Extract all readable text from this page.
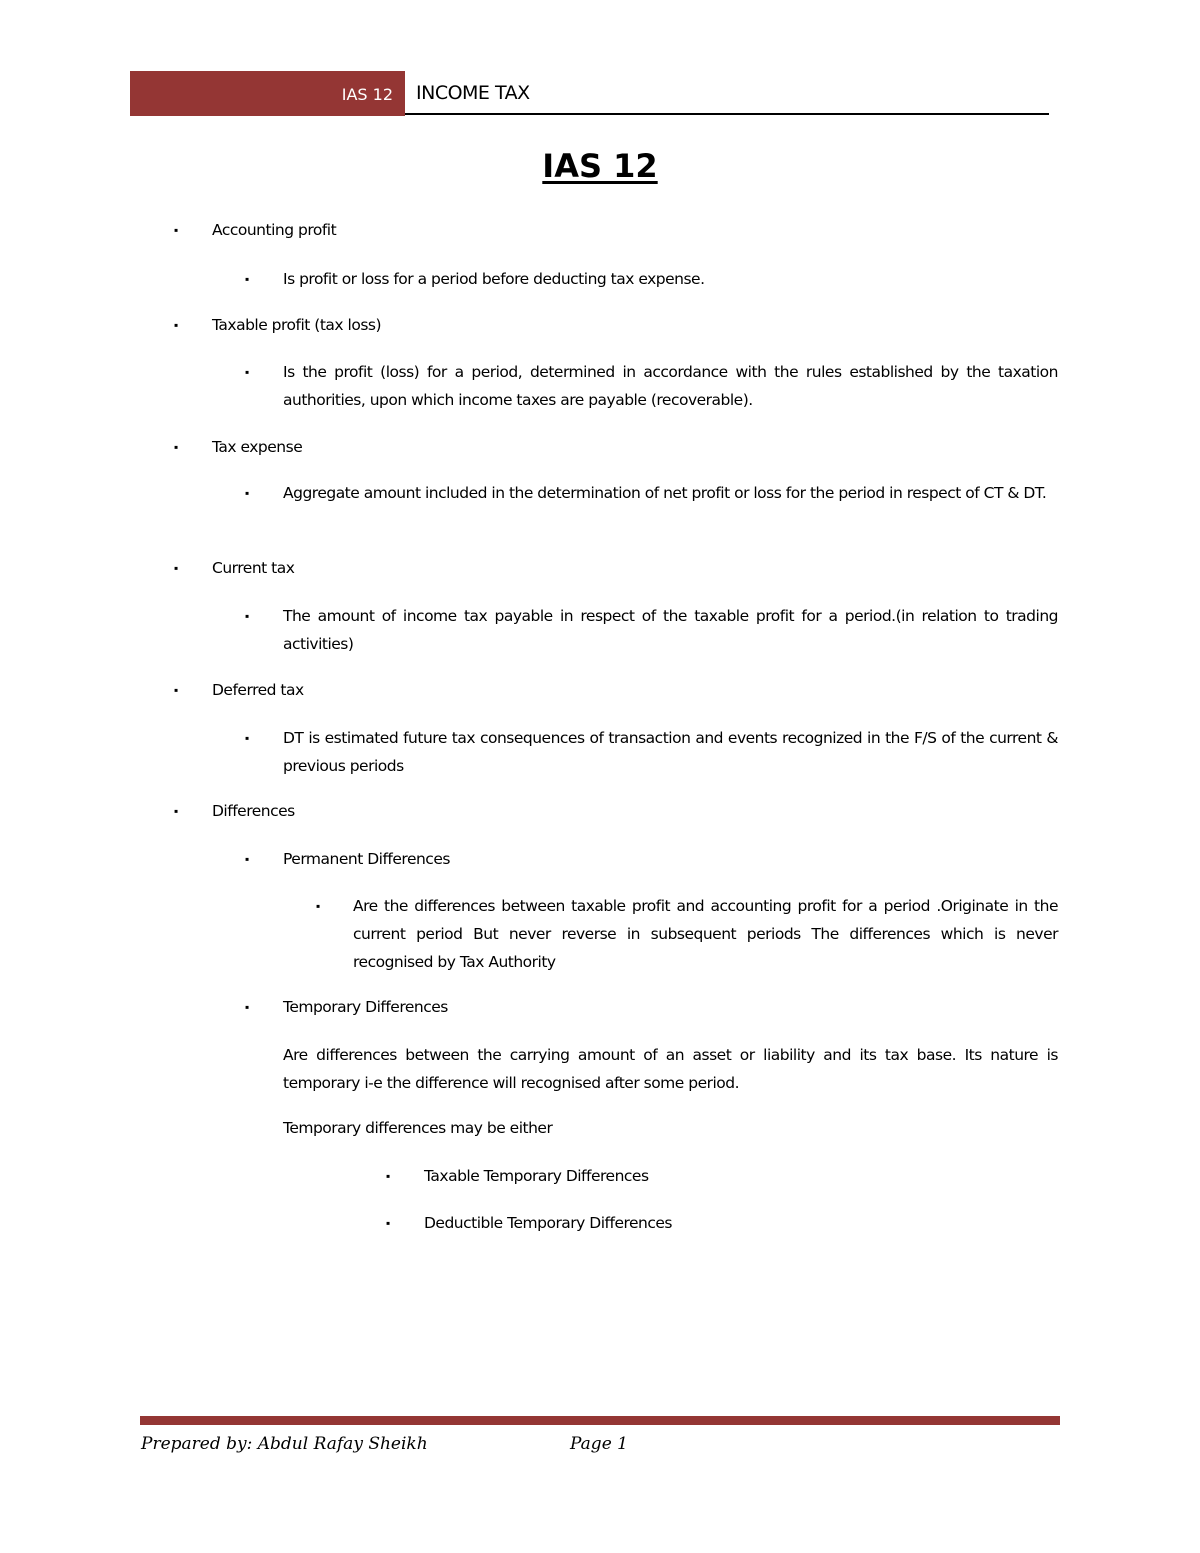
IAS 12 INCOME TAX
IAS 12
▪ Accounting profit
▪ Is profit or loss for a period before deducting tax expense.
▪ Taxable profit (tax loss)
▪ Is the profit (loss) for a period, determined in accordance with the rules established by the taxation authorities, upon which income taxes are payable (recoverable).
▪ Tax expense
▪ Aggregate amount included in the determination of net profit or loss for the period in respect of CT & DT.
▪ Current tax
▪ The amount of income tax payable in respect of the taxable profit for a period.(in relation to trading activities)
▪ Deferred tax
▪ DT is estimated future tax consequences of transaction and events recognized in the F/S of the current & previous periods
▪ Differences
▪ Permanent Differences
▪ Are the differences between taxable profit and accounting profit for a period .Originate in the current period But never reverse in subsequent periods The differences which is never recognised by Tax Authority
▪ Temporary Differences
Are differences between the carrying amount of an asset or liability and its tax base. Its nature is temporary i-e the difference will recognised after some period.
Temporary differences may be either
▪ Taxable Temporary Differences
▪ Deductible Temporary Differences
Prepared by: Abdul Rafay Sheikh	Page 1
